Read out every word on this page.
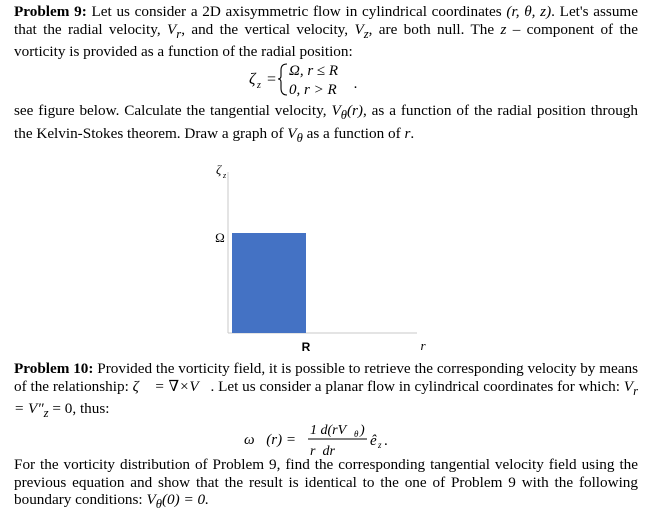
Problem 9: Let us consider a 2D axisymmetric flow in cylindrical coordinates (r, θ, z). Let's assume that the radial velocity, $V_r$, and the vertical velocity, $V_z$, are both null. The z – component of the vorticity is provided as a function of the radial position:
ζ z = Ω, r ≤ R
0, r > R ·
see figure below. Calculate the tangential velocity, $V_\theta(r)$, as a function of the radial position through the Kelvin-Stokes theorem. Draw a graph of $V_\theta$ as a function of r.
ζ z
Ω
R	r
Problem 10: Provided the vorticity field, it is possible to retrieve the corresponding velocity by means of the relationship: ζ⃗ = ∇×V⃗. Let us consider a planar flow in cylindrical coordinates for which: $V_r = V''_z = 0$, thus:
ω⃗(r) =
1 d(rV θ )
r  dr
ê z .
For the vorticity distribution of Problem 9, find the corresponding tangential velocity field using the previous equation and show that the result is identical to the one of Problem 9 with the following boundary conditions: $V_\theta(0) = 0$.
